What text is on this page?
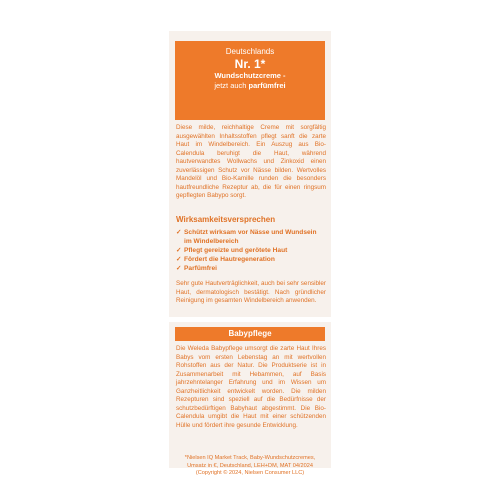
Deutschlands
Nr. 1*
Wundschutzcreme -
jetzt auch parfümfrei
Diese milde, reichhaltige Creme mit sorgfältig ausgewählten Inhaltsstoffen pflegt sanft die zarte Haut im Windelbereich. Ein Auszug aus Bio-Calendula beruhigt die Haut, während hautverwandtes Wollwachs und Zinkoxid einen zuverlässigen Schutz vor Nässe bilden. Wertvolles Mandelöl und Bio-Kamille runden die besonders hautfreundliche Rezeptur ab, die für einen ringsum gepflegten Babypo sorgt.
Wirksamkeitsversprechen
✓ Schützt wirksam vor Nässe und Wundsein im Windelbereich
✓ Pflegt gereizte und gerötete Haut
✓ Fördert die Hautregeneration
✓ Parfümfrei
Sehr gute Hautverträglichkeit, auch bei sehr sensibler Haut, dermatologisch bestätigt. Nach gründlicher Reinigung im gesamten Windelbereich anwenden.
Babypflege
Die Weleda Babypflege umsorgt die zarte Haut Ihres Babys vom ersten Lebenstag an mit wertvollen Rohstoffen aus der Natur. Die Produktserie ist in Zusammenarbeit mit Hebammen, auf Basis jahrzehntelanger Erfahrung und im Wissen um Ganzheitlichkeit entwickelt worden. Die milden Rezepturen sind speziell auf die Bedürfnisse der schutzbedürftigen Babyhaut abgestimmt. Die Bio-Calendula umgibt die Haut mit einer schützenden Hülle und fördert ihre gesunde Entwicklung.
*Nielsen IQ Market Track, Baby-Wundschutzcremes, Umsatz in €, Deutschland, LEH+DM, MAT 04/2024 (Copyright © 2024, Nielsen Consumer LLC)
